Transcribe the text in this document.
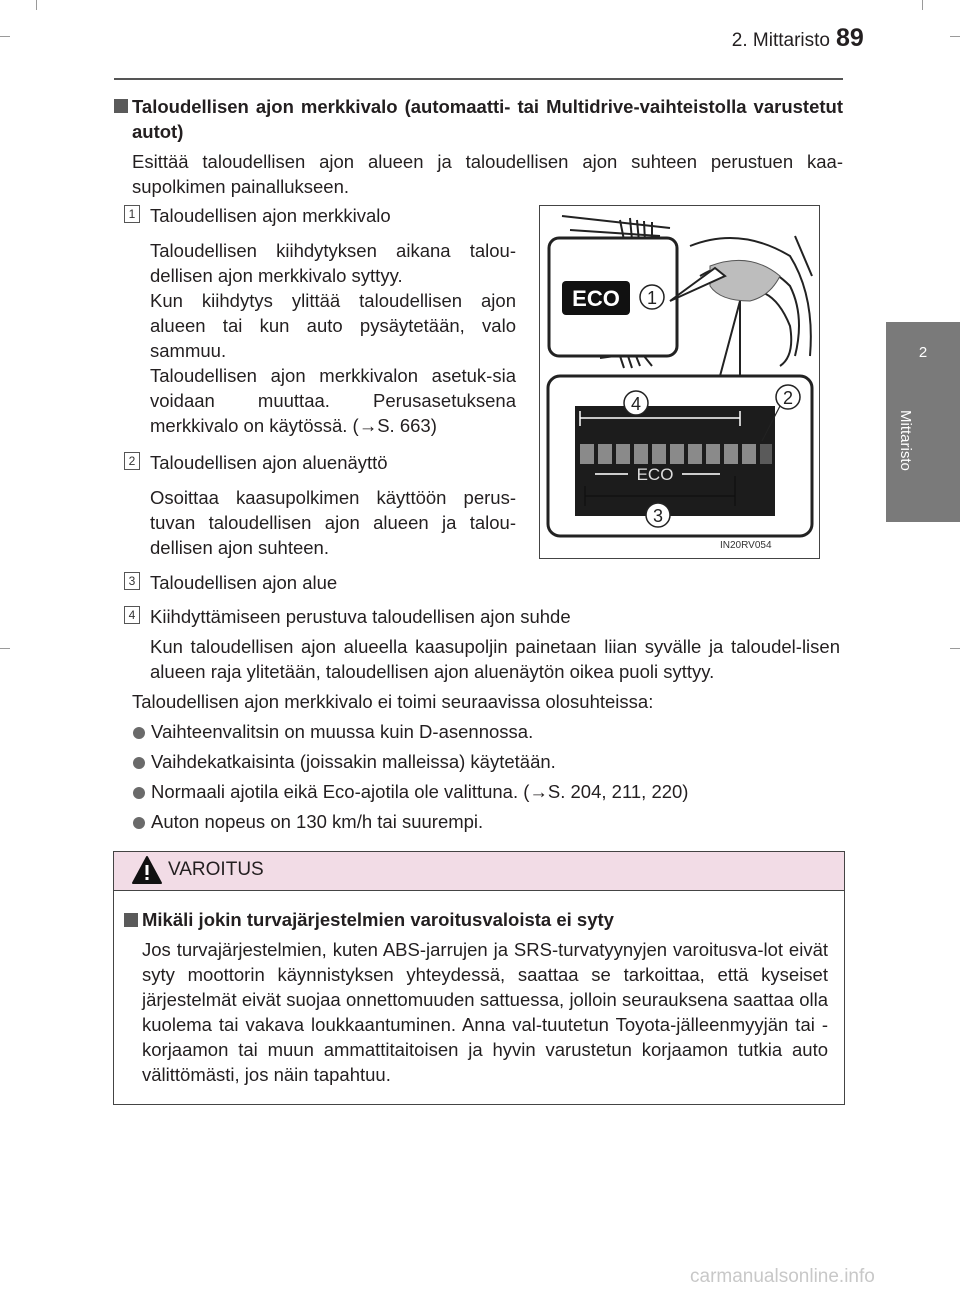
2. Mittaristo 89
2
Mittaristo
Taloudellisen ajon merkkivalo (automaatti- tai Multidrive-vaihteistolla varustetut autot)
Esittää taloudellisen ajon alueen ja taloudellisen ajon suhteen perustuen kaa-supolkimen painallukseen.
1 Taloudellisen ajon merkkivalo
Taloudellisen kiihdytyksen aikana talou-dellisen ajon merkkivalo syttyy.
Kun kiihdytys ylittää taloudellisen ajon alueen tai kun auto pysäytetään, valo sammuu.
Taloudellisen ajon merkkivalon asetuk-sia voidaan muuttaa. Perusasetuksena merkkivalo on käytössä. (→S. 663)
2 Taloudellisen ajon aluenäyttö
Osoittaa kaasupolkimen käyttöön perus-tuvan taloudellisen ajon alueen ja talou-dellisen ajon suhteen.
3 Taloudellisen ajon alue
4 Kiihdyttämiseen perustuva taloudellisen ajon suhde
Kun taloudellisen ajon alueella kaasupoljin painetaan liian syvälle ja taloudel-lisen alueen raja ylitetään, taloudellisen ajon aluenäytön oikea puoli syttyy.
Taloudellisen ajon merkkivalo ei toimi seuraavissa olosuhteissa:
Vaihteenvalitsin on muussa kuin D-asennossa.
Vaihdekatkaisinta (joissakin malleissa) käytetään.
Normaali ajotila eikä Eco-ajotila ole valittuna. (→S. 204, 211, 220)
Auton nopeus on 130 km/h tai suurempi.
ECO 1
ECO
4	2
3
IN20RV054
VAROITUS
Mikäli jokin turvajärjestelmien varoitusvaloista ei syty
Jos turvajärjestelmien, kuten ABS-jarrujen ja SRS-turvatyynyjen varoitusva-lot eivät syty moottorin käynnistyksen yhteydessä, saattaa se tarkoittaa, että kyseiset järjestelmät eivät suojaa onnettomuuden sattuessa, jolloin seurauksena saattaa olla kuolema tai vakava loukkaantuminen. Anna val-tuutetun Toyota-jälleenmyyjän tai -korjaamon tai muun ammattitaitoisen ja hyvin varustetun korjaamon tutkia auto välittömästi, jos näin tapahtuu.
carmanualsonline.info
